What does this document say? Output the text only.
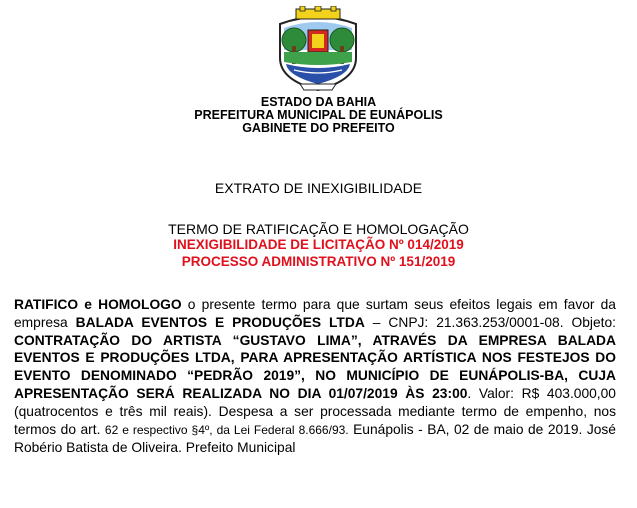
ESTADO DA BAHIA
PREFEITURA MUNICIPAL DE EUNÁPOLIS
GABINETE DO PREFEITO
EXTRATO DE INEXIGIBILIDADE
TERMO DE RATIFICAÇÃO E HOMOLOGAÇÃO
INEXIGIBILIDADE DE LICITAÇÃO Nº 014/2019
PROCESSO ADMINISTRATIVO Nº 151/2019
RATIFICO e HOMOLOGO o presente termo para que surtam seus efeitos legais em favor da empresa BALADA EVENTOS E PRODUÇÕES LTDA – CNPJ: 21.363.253/0001-08. Objeto: CONTRATAÇÃO DO ARTISTA “GUSTAVO LIMA”, ATRAVÉS DA EMPRESA BALADA EVENTOS E PRODUÇÕES LTDA, PARA APRESENTAÇÃO ARTÍSTICA NOS FESTEJOS DO EVENTO DENOMINADO “PEDRÃO 2019”, NO MUNICÍPIO DE EUNÁPOLIS-BA, CUJA APRESENTAÇÃO SERÁ REALIZADA NO DIA 01/07/2019 ÀS 23:00. Valor: R$ 403.000,00 (quatrocentos e três mil reais). Despesa a ser processada mediante termo de empenho, nos termos do art. 62 e respectivo §4º, da Lei Federal 8.666/93. Eunápolis - BA, 02 de maio de 2019. José Robério Batista de Oliveira. Prefeito Municipal
